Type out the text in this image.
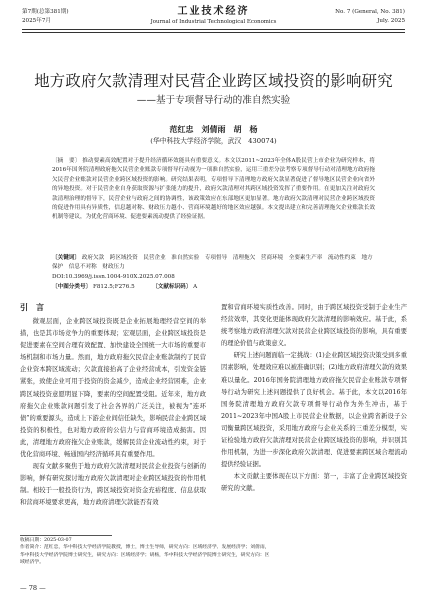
第7期(总第381期)
2025年7月
工业技术经济
Journal of Industrial Technological Economics
No. 7 (General, No. 381)
July. 2025
地方政府欠款清理对民营企业跨区域投资的影响研究
——基于专项督导行动的准自然实验
范红忠　刘倩雨　胡　杨
(华中科技大学经济学院，武汉　430074)
〔摘　要〕 推动要素高效配置对于提升经济循环效能具有重要意义。本文以2011~2023年全体A股民营上市企业为研究样本，将2016年国务院清理政府拖欠民营企业账款专项督导行动视为一项准自然实验，运用三重差分法考察专项督导行动对清理地方政府拖欠民营企业账款对民营企业跨区域投资的影响。研究结果表明，专项督导下清理地方政府欠款显著促进了督导地区民营企业向省外的异地投资。对于民营企业自身获取资源与扩张能力的提升，政府欠款清理对其跨区域投资发挥了重要作用。在更加关注对政府欠款清理治理的督导下，民营企业与政府之间的协调性，该政策效应在东部地区更加显著。地方政府欠款清理对民营企业跨区域投资的促进作用具有异质性，信息越对称、财政压力越小、营商环境越好的地区效应越强。本文提出建立和完善清理拖欠企业账款长效机制等建议，为优化营商环境、促进要素流动提供了经验证据。
〔关键词〕 政府欠款　跨区域投资　民营企业　准自然实验　专项督导　清理拖欠　营商环境　全要素生产率　流动性约束　地方保护　信息不对称　财政压力
DOI:10.3969/j.issn.1004-910X.2025.07.008
〔中图分类号〕 F812.5;F276.5	〔文献标识码〕 A
引　言

微观层面，企业跨区域投资既是企业拓展地理经营空间的举措，也是其市场竞争力的重要体现；宏观层面，企业跨区域投资是促进要素在空间合理有效配置、加快建设全国统一大市场的重要市场机制和市场力量。然而，地方政府拖欠民营企业账款制约了民营企业资本跨区域流动；欠款直接抬高了企业经营成本，引发资金链紧张，致使企业可用于投资的资金减少，造成企业经营困难，企业跨区域投资意愿明显下降，要素的空间配置受阻。近年来，地方政府拖欠企业账款问题引发了社会各界的广泛关注，被视为“连环债”的重要源头，造成上下游企业间信任缺失，影响民营企业跨区域投资的积极性，也对地方政府的公信力与营商环境造成损害。因此，清理地方政府拖欠企业账款，缓解民营企业流动性约束，对于优化营商环境、畅通国内经济循环具有重要作用。

现有文献多聚焦于地方政府欠款清理对民营企业投资与创新的影响，鲜有研究探讨地方政府欠款清理对企业跨区域投资的作用机制。相较于一般投资行为，跨区域投资对资金充裕程度、信息获取和营商环境要求更高，地方政府清理欠款能否有效

置和营商环境实质性改善。同时，由于跨区域投资受制于企业生产经营效率，其变化更能体现政府欠款清理的影响效应。基于此，系统考察地方政府清理欠款对民营企业跨区域投资的影响，具有重要的理论价值与政策意义。

研究上述问题面临一定挑战：(1)企业跨区域投资决策受到多重因素影响，处理效应难以被准确识别；(2)地方政府清理欠款的效果难以量化。2016年国务院清理地方政府拖欠民营企业账款专项督导行动为研究上述问题提供了良好机会。基于此，本文以2016年国务院清理地方政府欠款专项督导行动作为外生冲击，基于2011~2023年中国A股上市民营企业数据，以企业跨省新设子公司衡量跨区域投资，采用地方政府与企业关系的三重差分模型，实证检验地方政府欠款清理对民营企业跨区域投资的影响，并识别其作用机制，为进一步深化政府欠款清理、促进要素跨区域合理流动提供经验证据。

本文贡献主要体现在以下方面：第一，丰富了企业跨区域投资研究的文献。

收稿日期：2025-03-07
作者简介：范红忠，华中科技大学经济学院教授，博士，博士生导师，研究方向：区域经济学、发展经济学；刘倩雨，华中科技大学经济学院博士研究生，研究方向：区域经济学；胡杨，华中科技大学经济学院博士研究生，研究方向：区域经济学。
— 78 —
